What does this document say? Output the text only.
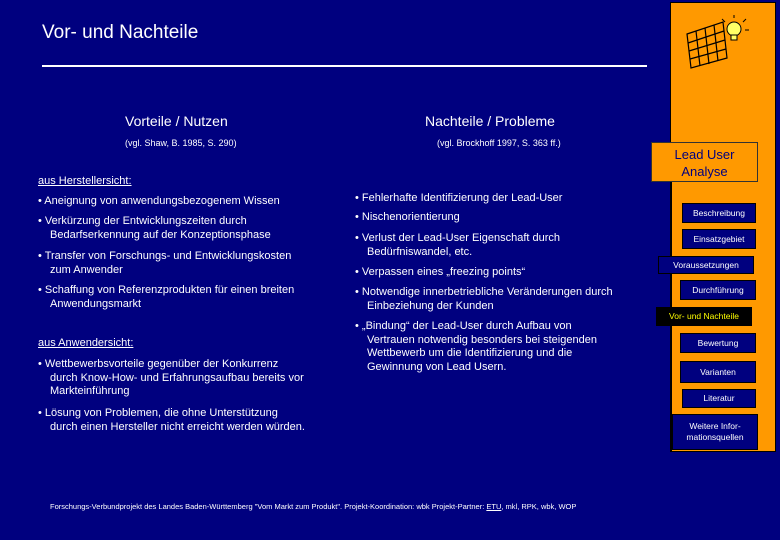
Vor- und Nachteile
Vorteile / Nutzen
(vgl. Shaw, B. 1985, S. 290)
Nachteile / Probleme
(vgl. Brockhoff 1997, S. 363 ff.)
aus Herstellersicht:
• Aneignung von anwendungsbezogenem Wissen
• Verkürzung der Entwicklungszeiten durch
Bedarfserkennung auf der Konzeptionsphase
• Transfer von Forschungs- und Entwicklungskosten
zum Anwender
• Schaffung von Referenzprodukten für einen breiten
Anwendungsmarkt
aus Anwendersicht:
• Wettbewerbsvorteile gegenüber der Konkurrenz
durch Know-How- und Erfahrungsaufbau bereits vor
Markteinführung
• Lösung von Problemen, die ohne Unterstützung
durch einen Hersteller nicht erreicht werden würden.
• Fehlerhafte Identifizierung der Lead-User
• Nischenorientierung
• Verlust der Lead-User Eigenschaft durch
Bedürfniswandel, etc.
• Verpassen eines „freezing points“
• Notwendige innerbetriebliche Veränderungen durch
Einbeziehung der Kunden
• „Bindung“ der Lead-User durch Aufbau von
Vertrauen notwendig besonders bei steigenden
Wettbewerb um die Identifizierung und die
Gewinnung von Lead Usern.
Forschungs-Verbundprojekt des Landes Baden-Württemberg "Vom Markt zum Produkt". Projekt-Koordination: wbk Projekt-Partner: ETU, mkl, RPK, wbk, WOP
Lead User
Analyse
Beschreibung
Einsatzgebiet
Voraussetzungen
Durchführung
Vor- und Nachteile
Bewertung
Varianten
Literatur
Weitere Infor-
mationsquellen
